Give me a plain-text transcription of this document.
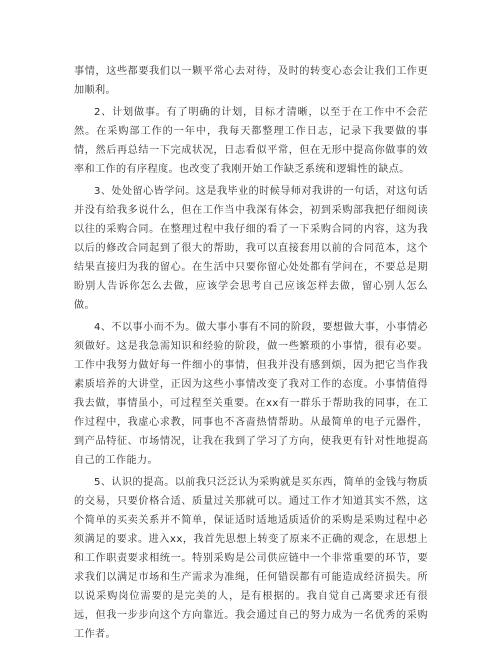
事情，这些都要我们以一颗平常心去对待，及时的转变心态会让我们工作更加顺利。

2、计划做事。有了明确的计划，目标才清晰，以至于在工作中不会茫然。在采购部工作的一年中，我每天都整理工作日志，记录下我要做的事情，然后再总结一下完成状况，日志看似平常，但在无形中提高你做事的效率和工作的有序程度。也改变了我刚开始工作缺乏系统和逻辑性的缺点。

3、处处留心皆学问。这是我毕业的时候导师对我讲的一句话，对这句话并没有给我多说什么，但在工作当中我深有体会，初到采购部我把仔细阅读以往的采购合同。在整理过程中我仔细的看了一下采购合同的内容，这为我以后的修改合同起到了很大的帮助，我可以直接套用以前的合同范本，这个结果直接归为我的留心。在生活中只要你留心处处都有学问在，不要总是期盼别人告诉你怎么去做，应该学会思考自己应该怎样去做，留心别人怎么做。

4、不以事小而不为。做大事小事有不同的阶段，要想做大事，小事情必须做好。这是我急需知识和经验的阶段，做一些繁琐的小事情，很有必要。工作中我努力做好每一件细小的事情，但我并没有感到烦，因为把它当作我素质培养的大讲堂，正因为这些小事情改变了我对工作的态度。小事情值得我去做，事情虽小，可过程至关重要。在xx有一群乐于帮助我的同事，在工作过程中，我虚心求教，同事也不吝啬热情帮助。从最简单的电子元器件，到产品特征、市场情况，让我在我到了学习了方向，使我更有针对性地提高自己的工作能力。

5、认识的提高。以前我只泛泛认为采购就是买东西，简单的金钱与物质的交易，只要价格合适、质量过关那就可以。通过工作才知道其实不然，这个简单的买卖关系并不简单，保证适时适地适质适价的采购是采购过程中必须满足的要求。进入xx，我首先思想上转变了原来不正确的观念，在思想上和工作职责要求相统一。特别采购是公司供应链中一个非常重要的环节，要求我们以满足市场和生产需求为准绳，任何错误都有可能造成经济损失。所以说采购岗位需要的是完美的人，是有根据的。我自觉自己离要求还有很远，但我一步步向这个方向靠近。我会通过自己的努力成为一名优秀的采购工作者。
